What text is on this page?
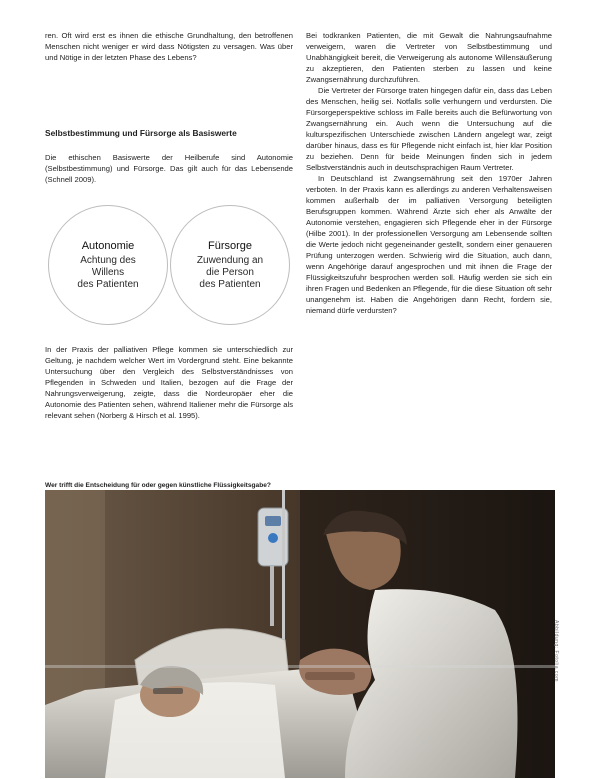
ren. Oft wird erst es ihnen die ethische Grundhaltung, den betroffenen Menschen nicht weniger er wird dass Nötigsten zu versagen. Was über und Nötige in der letzten Phase des Lebens?

Selbstbestimmung und Fürsorge als Basiswerte

Die ethischen Basiswerte der Heilberufe sind Autonomie (Selbstbestimmung) und Fürsorge. Das gilt auch für das Lebensende (Schnell 2009).

Autonomie
Achtung des
Willens
des Patienten
Fürsorge
Zuwendung an
die Person
des Patienten

In der Praxis der palliativen Pflege kommen sie unterschiedlich zur Geltung, je nachdem welcher Wert im Vordergrund steht. Eine bekannte Untersuchung über den Vergleich des Selbstverständnisses von Pflegenden in Schweden und Italien, bezogen auf die Frage der Nahrungsverweigerung, zeigte, dass die Nordeuropäer eher die Autonomie des Patienten sehen, während Italiener mehr die Fürsorge als relevant sehen (Norberg & Hirsch et al. 1995).

Bei todkranken Patienten, die mit Gewalt die Nahrungsaufnahme verweigern, waren die Vertreter von Selbstbestimmung und Unabhängigkeit bereit, die Verweigerung als autonome Willensäußerung zu akzeptieren, den Patienten sterben zu lassen und keine Zwangsernährung durchzuführen.

Die Vertreter der Fürsorge traten hingegen dafür ein, dass das Leben des Menschen, heilig sei. Notfalls solle verhungern und verdursten. Die Fürsorgeperspektive schloss im Falle bereits auch die Befürwortung von Zwangsernährung ein. Auch wenn die Untersuchung auf die kulturspezifischen Unterschiede zwischen Ländern angelegt war, zeigt darüber hinaus, dass es für Pflegende nicht einfach ist, hier klar Position zu beziehen. Denn für beide Meinungen finden sich in jedem Selbstverständnis auch in deutschsprachigen Raum Vertreter.

In Deutschland ist Zwangsernährung seit den 1970er Jahren verboten. In der Praxis kann es allerdings zu anderen Verhaltensweisen kommen außerhalb der im palliativen Versorgung beteiligten Berufsgruppen kommen. Während Ärzte sich eher als Anwälte der Autonomie verstehen, engagieren sich Pflegende eher in der Fürsorge (Hilbe 2001). In der professionellen Versorgung am Lebensende sollten die Werte jedoch nicht gegeneinander gestellt, sondern einer genaueren Prüfung unterzogen werden. Schwierig wird die Situation, auch dann, wenn Angehörige darauf angesprochen und mit ihnen die Frage der Flüssigkeitszufuhr besprochen werden soll. Häufig werden sie sich ein ihren Fragen und Bedenken an Pflegende, für die diese Situation oft sehr unangenehm ist. Haben die Angehörigen dann Recht, fordern sie, niemand dürfe verdursten?

Wer trifft die Entscheidung für oder gegen künstliche Flüssigkeitsgabe?
Abbildung: Fotolia.com
